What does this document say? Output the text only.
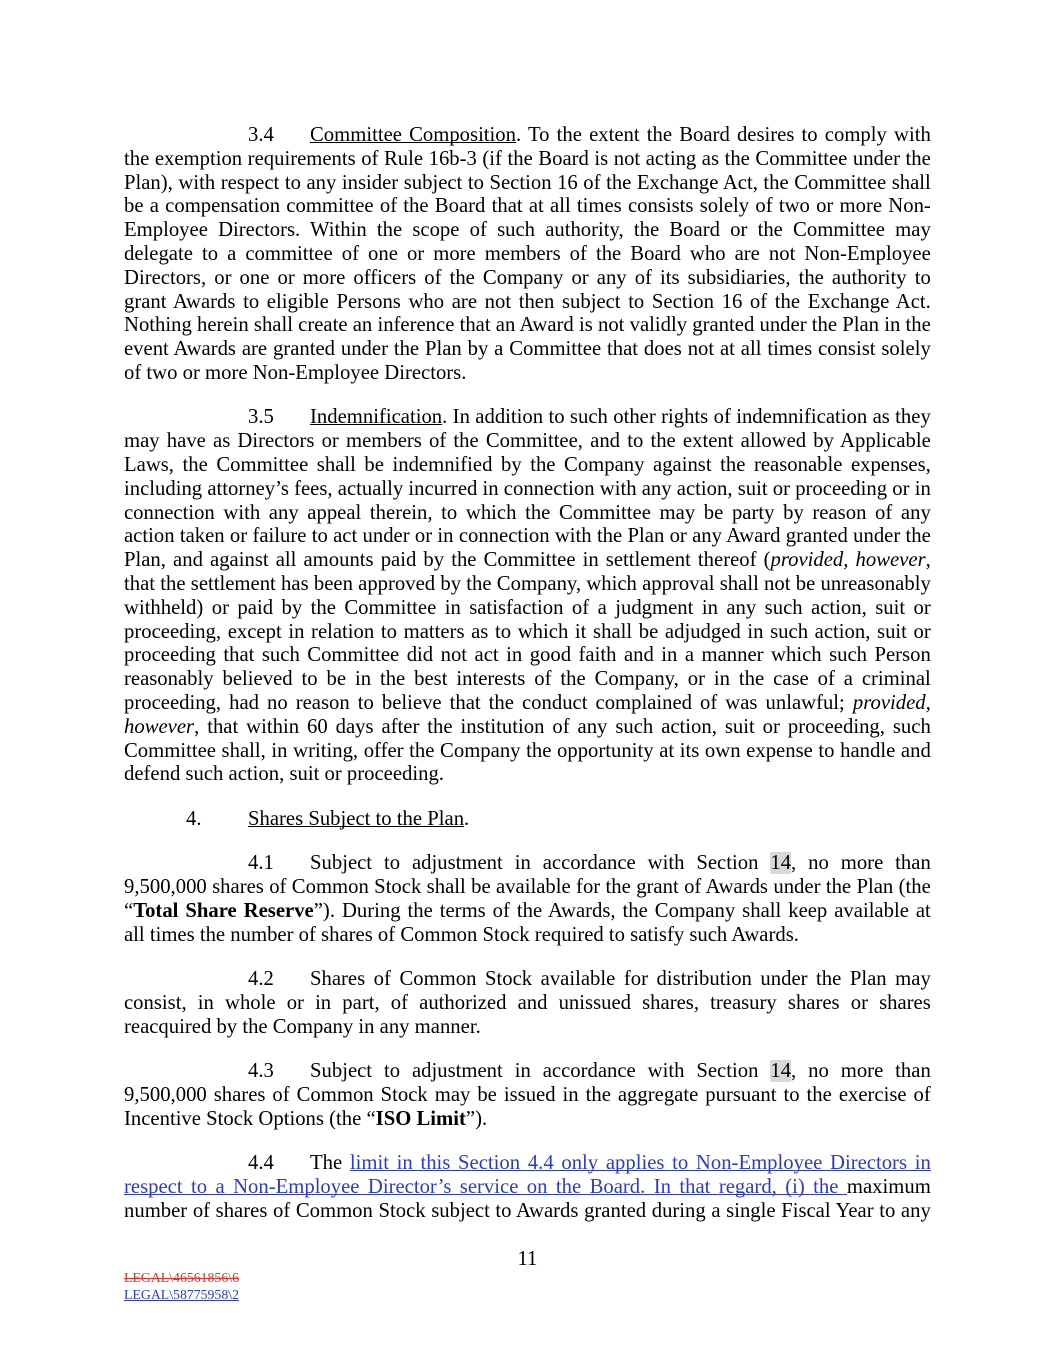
3.4 Committee Composition. To the extent the Board desires to comply with the exemption requirements of Rule 16b-3 (if the Board is not acting as the Committee under the Plan), with respect to any insider subject to Section 16 of the Exchange Act, the Committee shall be a compensation committee of the Board that at all times consists solely of two or more Non-Employee Directors. Within the scope of such authority, the Board or the Committee may delegate to a committee of one or more members of the Board who are not Non-Employee Directors, or one or more officers of the Company or any of its subsidiaries, the authority to grant Awards to eligible Persons who are not then subject to Section 16 of the Exchange Act. Nothing herein shall create an inference that an Award is not validly granted under the Plan in the event Awards are granted under the Plan by a Committee that does not at all times consist solely of two or more Non-Employee Directors.
3.5 Indemnification. In addition to such other rights of indemnification as they may have as Directors or members of the Committee, and to the extent allowed by Applicable Laws, the Committee shall be indemnified by the Company against the reasonable expenses, including attorney’s fees, actually incurred in connection with any action, suit or proceeding or in connection with any appeal therein, to which the Committee may be party by reason of any action taken or failure to act under or in connection with the Plan or any Award granted under the Plan, and against all amounts paid by the Committee in settlement thereof (provided, however, that the settlement has been approved by the Company, which approval shall not be unreasonably withheld) or paid by the Committee in satisfaction of a judgment in any such action, suit or proceeding, except in relation to matters as to which it shall be adjudged in such action, suit or proceeding that such Committee did not act in good faith and in a manner which such Person reasonably believed to be in the best interests of the Company, or in the case of a criminal proceeding, had no reason to believe that the conduct complained of was unlawful; provided, however, that within 60 days after the institution of any such action, suit or proceeding, such Committee shall, in writing, offer the Company the opportunity at its own expense to handle and defend such action, suit or proceeding.
4. Shares Subject to the Plan.
4.1 Subject to adjustment in accordance with Section 14, no more than 9,500,000 shares of Common Stock shall be available for the grant of Awards under the Plan (the “Total Share Reserve”). During the terms of the Awards, the Company shall keep available at all times the number of shares of Common Stock required to satisfy such Awards.
4.2 Shares of Common Stock available for distribution under the Plan may consist, in whole or in part, of authorized and unissued shares, treasury shares or shares reacquired by the Company in any manner.
4.3 Subject to adjustment in accordance with Section 14, no more than 9,500,000 shares of Common Stock may be issued in the aggregate pursuant to the exercise of Incentive Stock Options (the “ISO Limit”).
4.4 The limit in this Section 4.4 only applies to Non-Employee Directors in respect to a Non-Employee Director’s service on the Board. In that regard, (i) the maximum number of shares of Common Stock subject to Awards granted during a single Fiscal Year to any
11
LEGAL\46561856\6
LEGAL\58775958\2
